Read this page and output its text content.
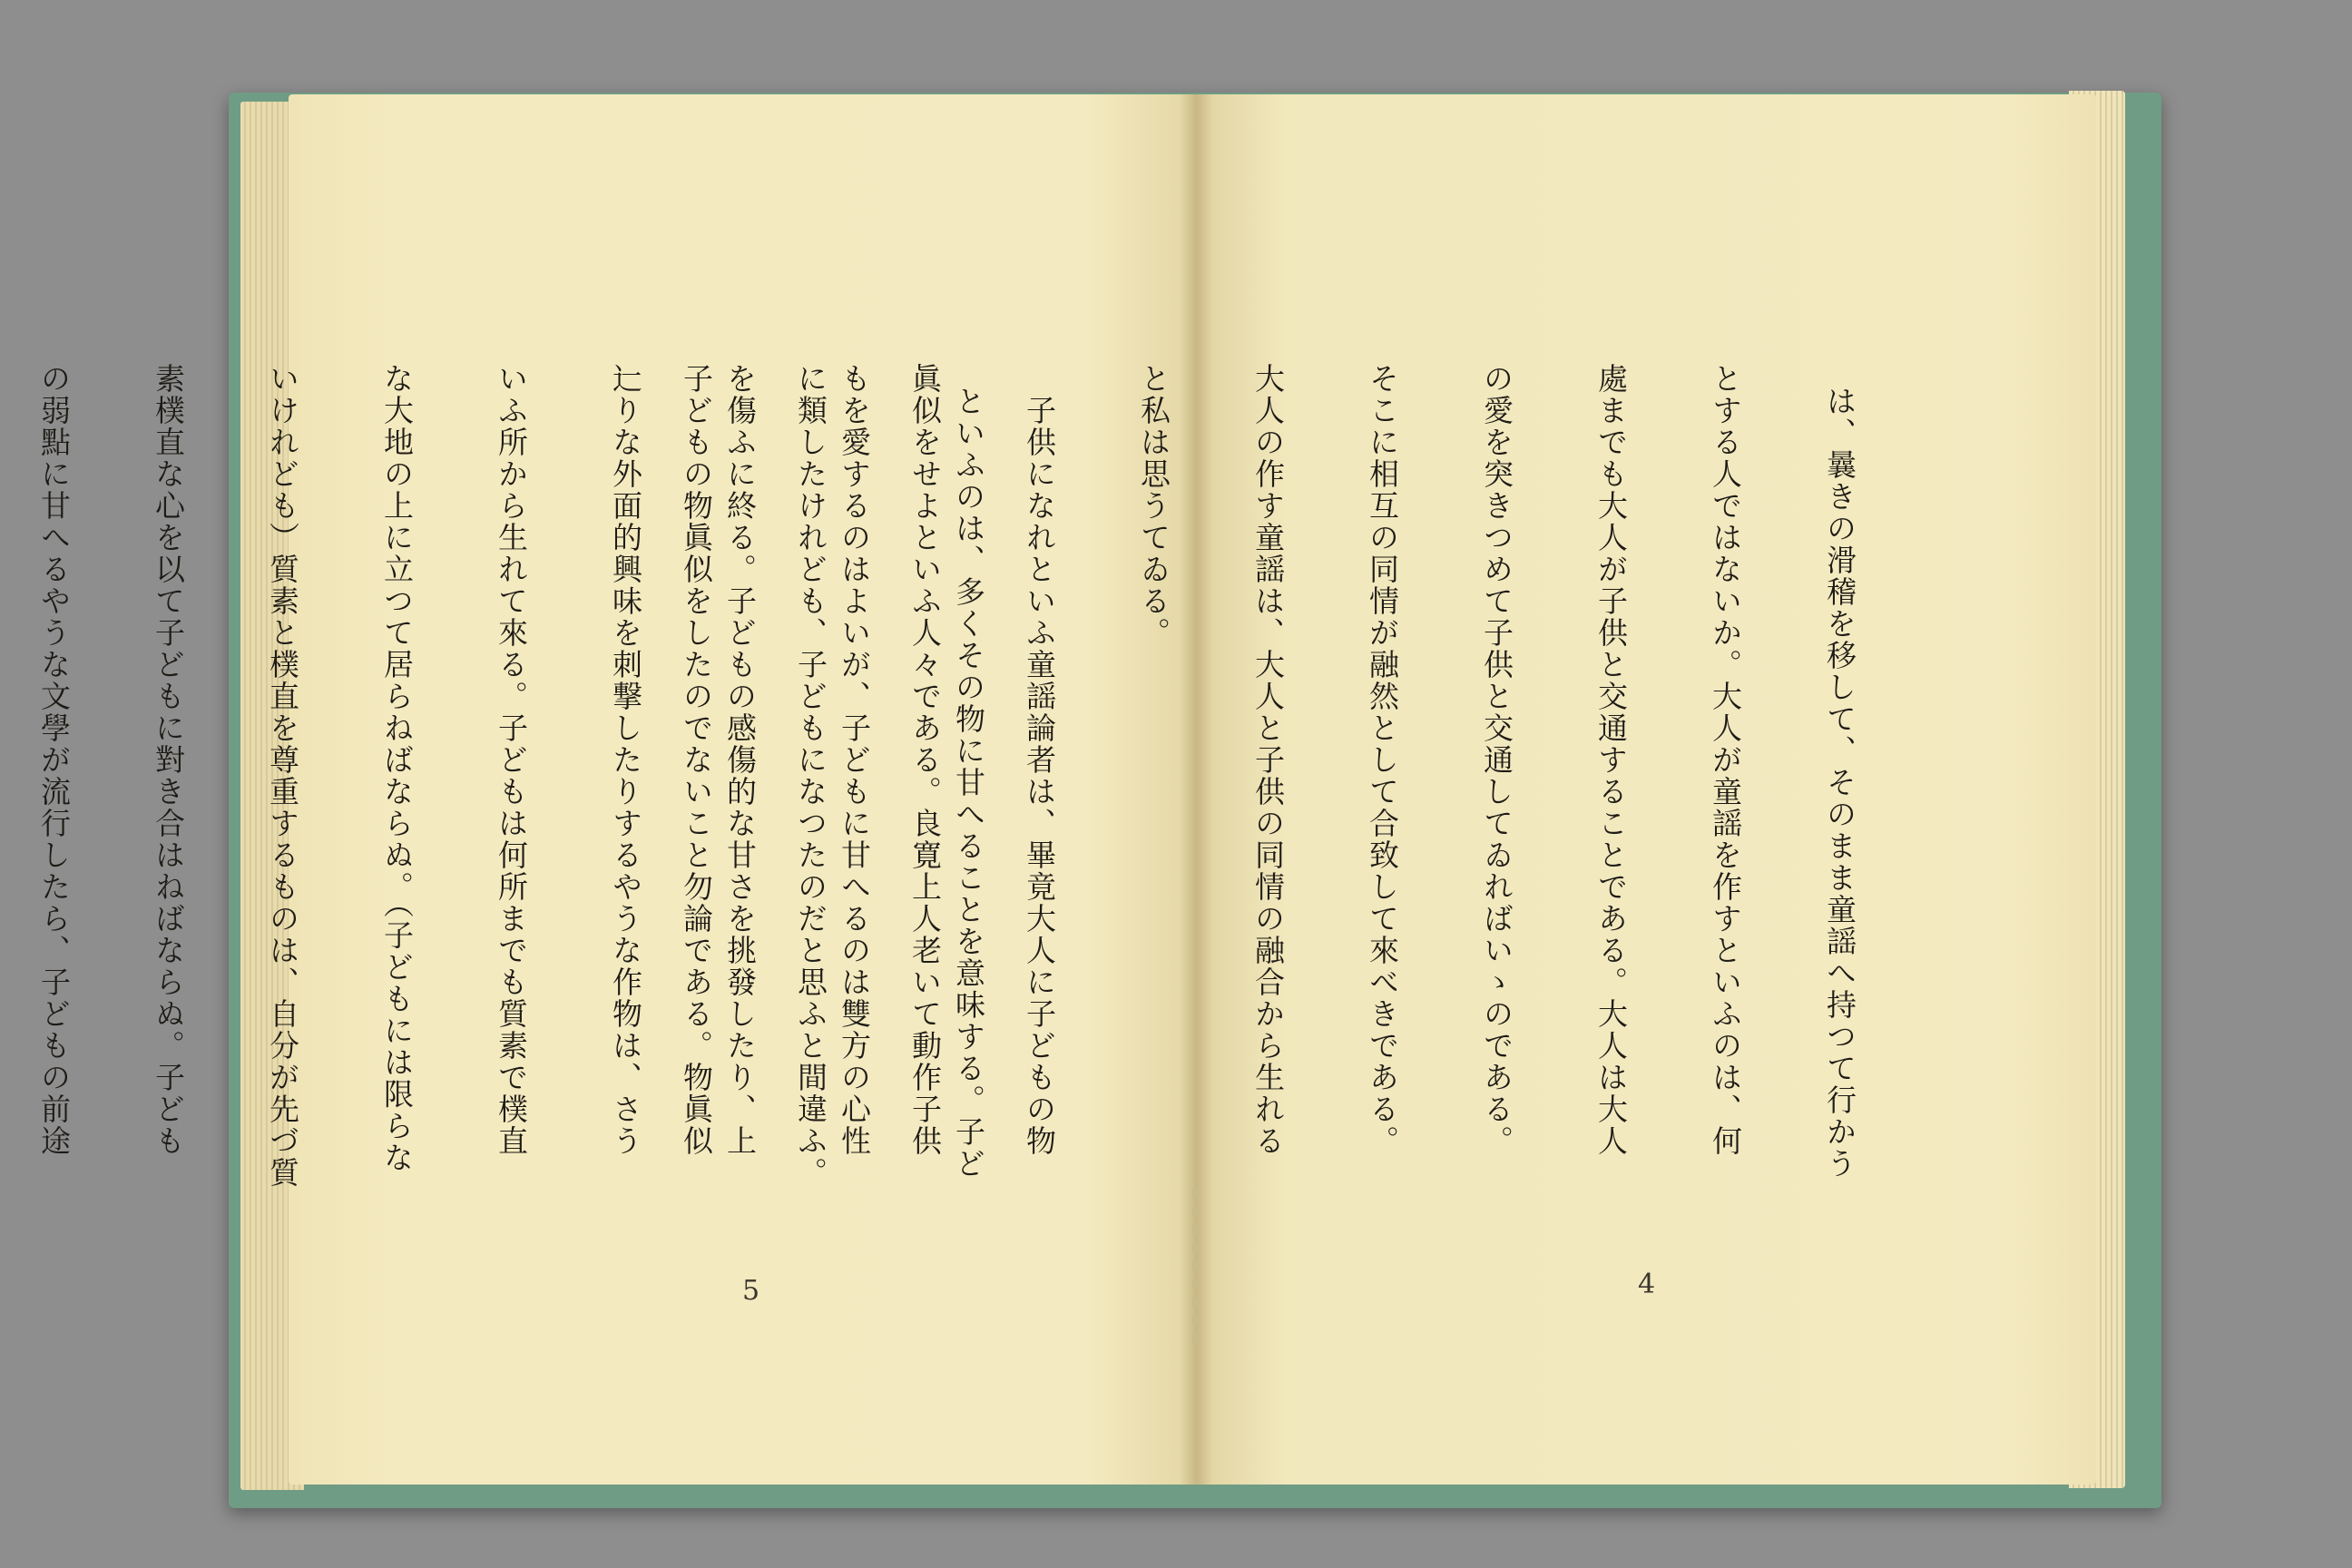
といふのは、多くその物に甘へることを意味する。子ど

もを愛するのはよいが、子どもに甘へるのは雙方の心性

を傷ふに終る。子どもの感傷的な甘さを挑發したり、上

辷りな外面的興味を刺撃したりするやうな作物は、さう

いふ所から生れて來る。子どもは何所までも質素で樸直

な大地の上に立つて居らねばならぬ。（子どもには限らな

いけれども）質素と樸直を尊重するものは、自分が先づ質

素樸直な心を以て子どもに對き合はねばならぬ。子ども

の弱點に甘へるやうな文學が流行したら、子どもの前途

	は、曩きの滑稽を移して、そのまま童謡へ持つて行かう

とする人ではないか。大人が童謡を作すといふのは、何

處までも大人が子供と交通することである。大人は大人

の愛を突きつめて子供と交通してゐればいゝのである。

そこに相互の同情が融然として合致して來べきである。

大人の作す童謡は、大人と子供の同情の融合から生れる

と私は思うてゐる。

　子供になれといふ童謡論者は、畢竟大人に子どもの物

眞似をせよといふ人々である。良寛上人老いて動作子供

に類したけれども、子どもになつたのだと思ふと間違ふ。

子どもの物眞似をしたのでないこと勿論である。物眞似

5	4
